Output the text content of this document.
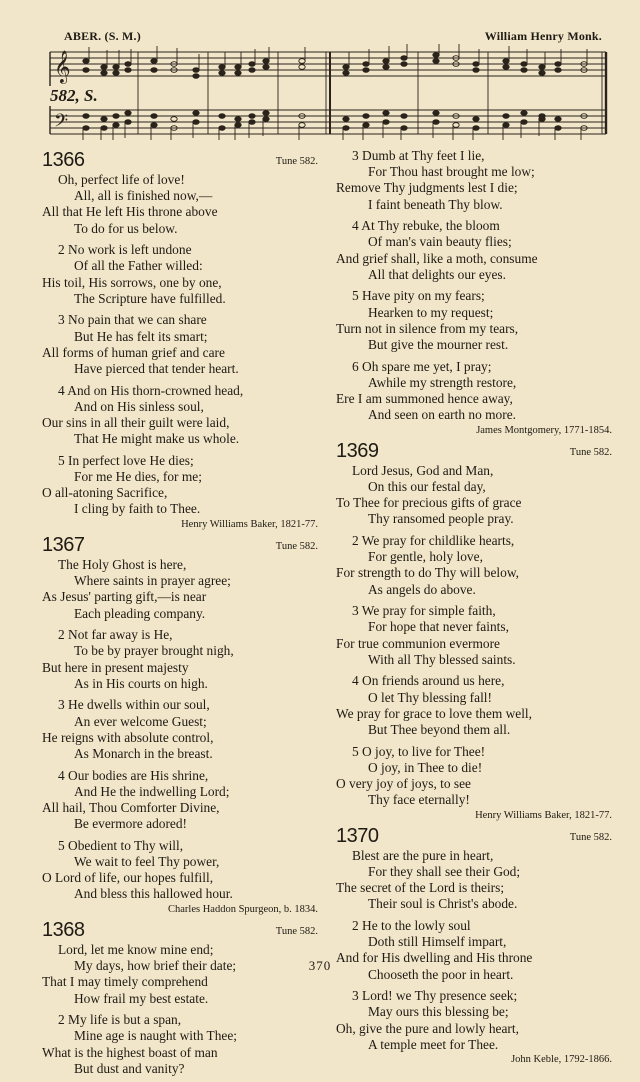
ABER. (S. M.)	William Henry Monk.
𝄞
𝄢
582, S.
1366	Tune 582.
Oh, perfect life of love!
All, all is finished now,—
All that He left His throne above
To do for us below.
2 No work is left undone
Of all the Father willed:
His toil, His sorrows, one by one,
The Scripture have fulfilled.
3 No pain that we can share
But He has felt its smart;
All forms of human grief and care
Have pierced that tender heart.
4 And on His thorn-crowned head,
And on His sinless soul,
Our sins in all their guilt were laid,
That He might make us whole.
5 In perfect love He dies;
For me He dies, for me;
O all-atoning Sacrifice,
I cling by faith to Thee.
Henry Williams Baker, 1821-77.
1367	Tune 582.
The Holy Ghost is here,
Where saints in prayer agree;
As Jesus' parting gift,—is near
Each pleading company.
2 Not far away is He,
To be by prayer brought nigh,
But here in present majesty
As in His courts on high.
3 He dwells within our soul,
An ever welcome Guest;
He reigns with absolute control,
As Monarch in the breast.
4 Our bodies are His shrine,
And He the indwelling Lord;
All hail, Thou Comforter Divine,
Be evermore adored!
5 Obedient to Thy will,
We wait to feel Thy power,
O Lord of life, our hopes fulfill,
And bless this hallowed hour.
Charles Haddon Spurgeon, b. 1834.
1368	Tune 582.
Lord, let me know mine end;
My days, how brief their date;
That I may timely comprehend
How frail my best estate.
2 My life is but a span,
Mine age is naught with Thee;
What is the highest boast of man
But dust and vanity?
3 Dumb at Thy feet I lie,
For Thou hast brought me low;
Remove Thy judgments lest I die;
I faint beneath Thy blow.
4 At Thy rebuke, the bloom
Of man's vain beauty flies;
And grief shall, like a moth, consume
All that delights our eyes.
5 Have pity on my fears;
Hearken to my request;
Turn not in silence from my tears,
But give the mourner rest.
6 Oh spare me yet, I pray;
Awhile my strength restore,
Ere I am summoned hence away,
And seen on earth no more.
James Montgomery, 1771-1854.
1369	Tune 582.
Lord Jesus, God and Man,
On this our festal day,
To Thee for precious gifts of grace
Thy ransomed people pray.
2 We pray for childlike hearts,
For gentle, holy love,
For strength to do Thy will below,
As angels do above.
3 We pray for simple faith,
For hope that never faints,
For true communion evermore
With all Thy blessed saints.
4 On friends around us here,
O let Thy blessing fall!
We pray for grace to love them well,
But Thee beyond them all.
5 O joy, to live for Thee!
O joy, in Thee to die!
O very joy of joys, to see
Thy face eternally!
Henry Williams Baker, 1821-77.
1370	Tune 582.
Blest are the pure in heart,
For they shall see their God;
The secret of the Lord is theirs;
Their soul is Christ's abode.
2 He to the lowly soul
Doth still Himself impart,
And for His dwelling and His throne
Chooseth the poor in heart.
3 Lord! we Thy presence seek;
May ours this blessing be;
Oh, give the pure and lowly heart,
A temple meet for Thee.
John Keble, 1792-1866.
370
